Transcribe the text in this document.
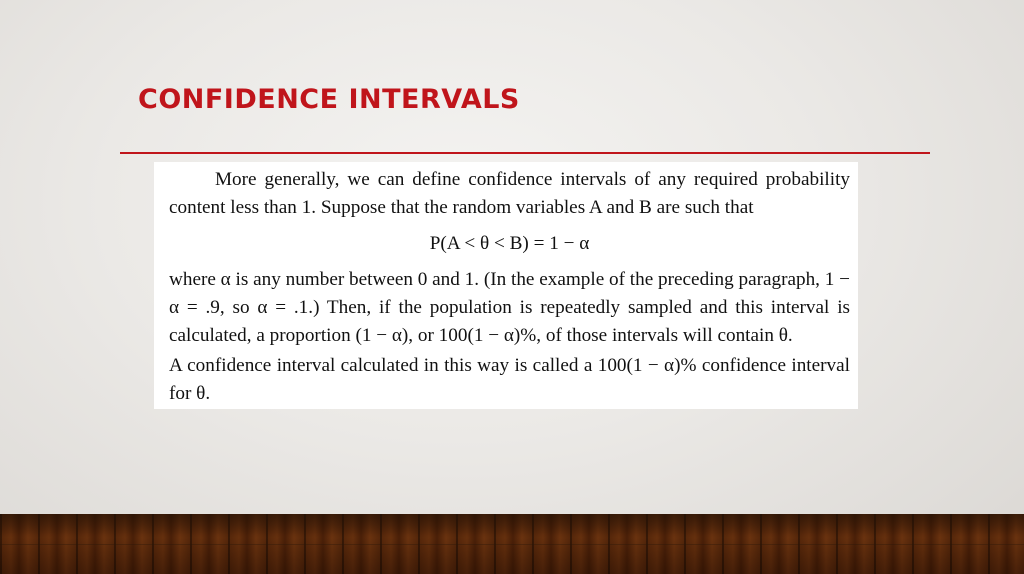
CONFIDENCE INTERVALS

More generally, we can define confidence intervals of any required probability content less than 1. Suppose that the random variables A and B are such that

P(A < θ < B) = 1 − α

where α is any number between 0 and 1. (In the example of the preceding paragraph, 1 − α = .9, so α = .1.) Then, if the population is repeatedly sampled and this interval is calculated, a proportion (1 − α), or 100(1 − α)%, of those intervals will contain θ.

A confidence interval calculated in this way is called a 100(1 − α)% confidence interval for θ.
